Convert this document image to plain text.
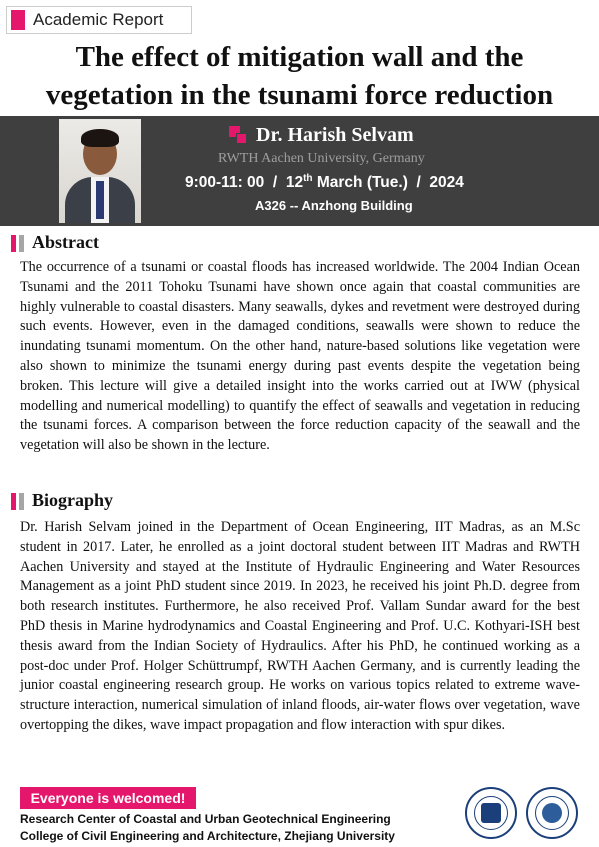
Academic Report
The effect of mitigation wall and the
vegetation in the tsunami force reduction
Dr. Harish Selvam
RWTH Aachen University, Germany
9:00-11: 00 / 12th March (Tue.) / 2024
A326 -- Anzhong Building
Abstract

The occurrence of a tsunami or coastal floods has increased worldwide. The 2004 Indian Ocean Tsunami and the 2011 Tohoku Tsunami have shown once again that coastal communities are highly vulnerable to coastal disasters. Many seawalls, dykes and revetment were destroyed during such events. However, even in the damaged conditions, seawalls were shown to reduce the inundating tsunami momentum. On the other hand, nature-based solutions like vegetation were also shown to minimize the tsunami energy during past events despite the vegetation being broken. This lecture will give a detailed insight into the works carried out at IWW (physical modelling and numerical modelling) to quantify the effect of seawalls and vegetation in reducing the tsunami forces. A comparison between the force reduction capacity of the seawall and the vegetation will also be shown in the lecture.

Biography

Dr. Harish Selvam joined in the Department of Ocean Engineering, IIT Madras, as an M.Sc student in 2017. Later, he enrolled as a joint doctoral student between IIT Madras and RWTH Aachen University and stayed at the Institute of Hydraulic Engineering and Water Resources Management as a joint PhD student since 2019. In 2023, he received his joint Ph.D. degree from both research institutes. Furthermore, he also received Prof. Vallam Sundar award for the best PhD thesis in Marine hydrodynamics and Coastal Engineering and Prof. U.C. Kothyari-ISH best thesis award from the Indian Society of Hydraulics. After his PhD, he continued working as a post-doc under Prof. Holger Schüttrumpf, RWTH Aachen Germany, and is currently leading the junior coastal engineering research group. He works on various topics related to extreme wave-structure interaction, numerical simulation of inland floods, air-water flows over vegetation, wave overtopping the dikes, wave impact propagation and flow interaction with spur dikes.

Everyone is welcomed!
Research Center of Coastal and Urban Geotechnical Engineering
College of Civil Engineering and Architecture, Zhejiang University
